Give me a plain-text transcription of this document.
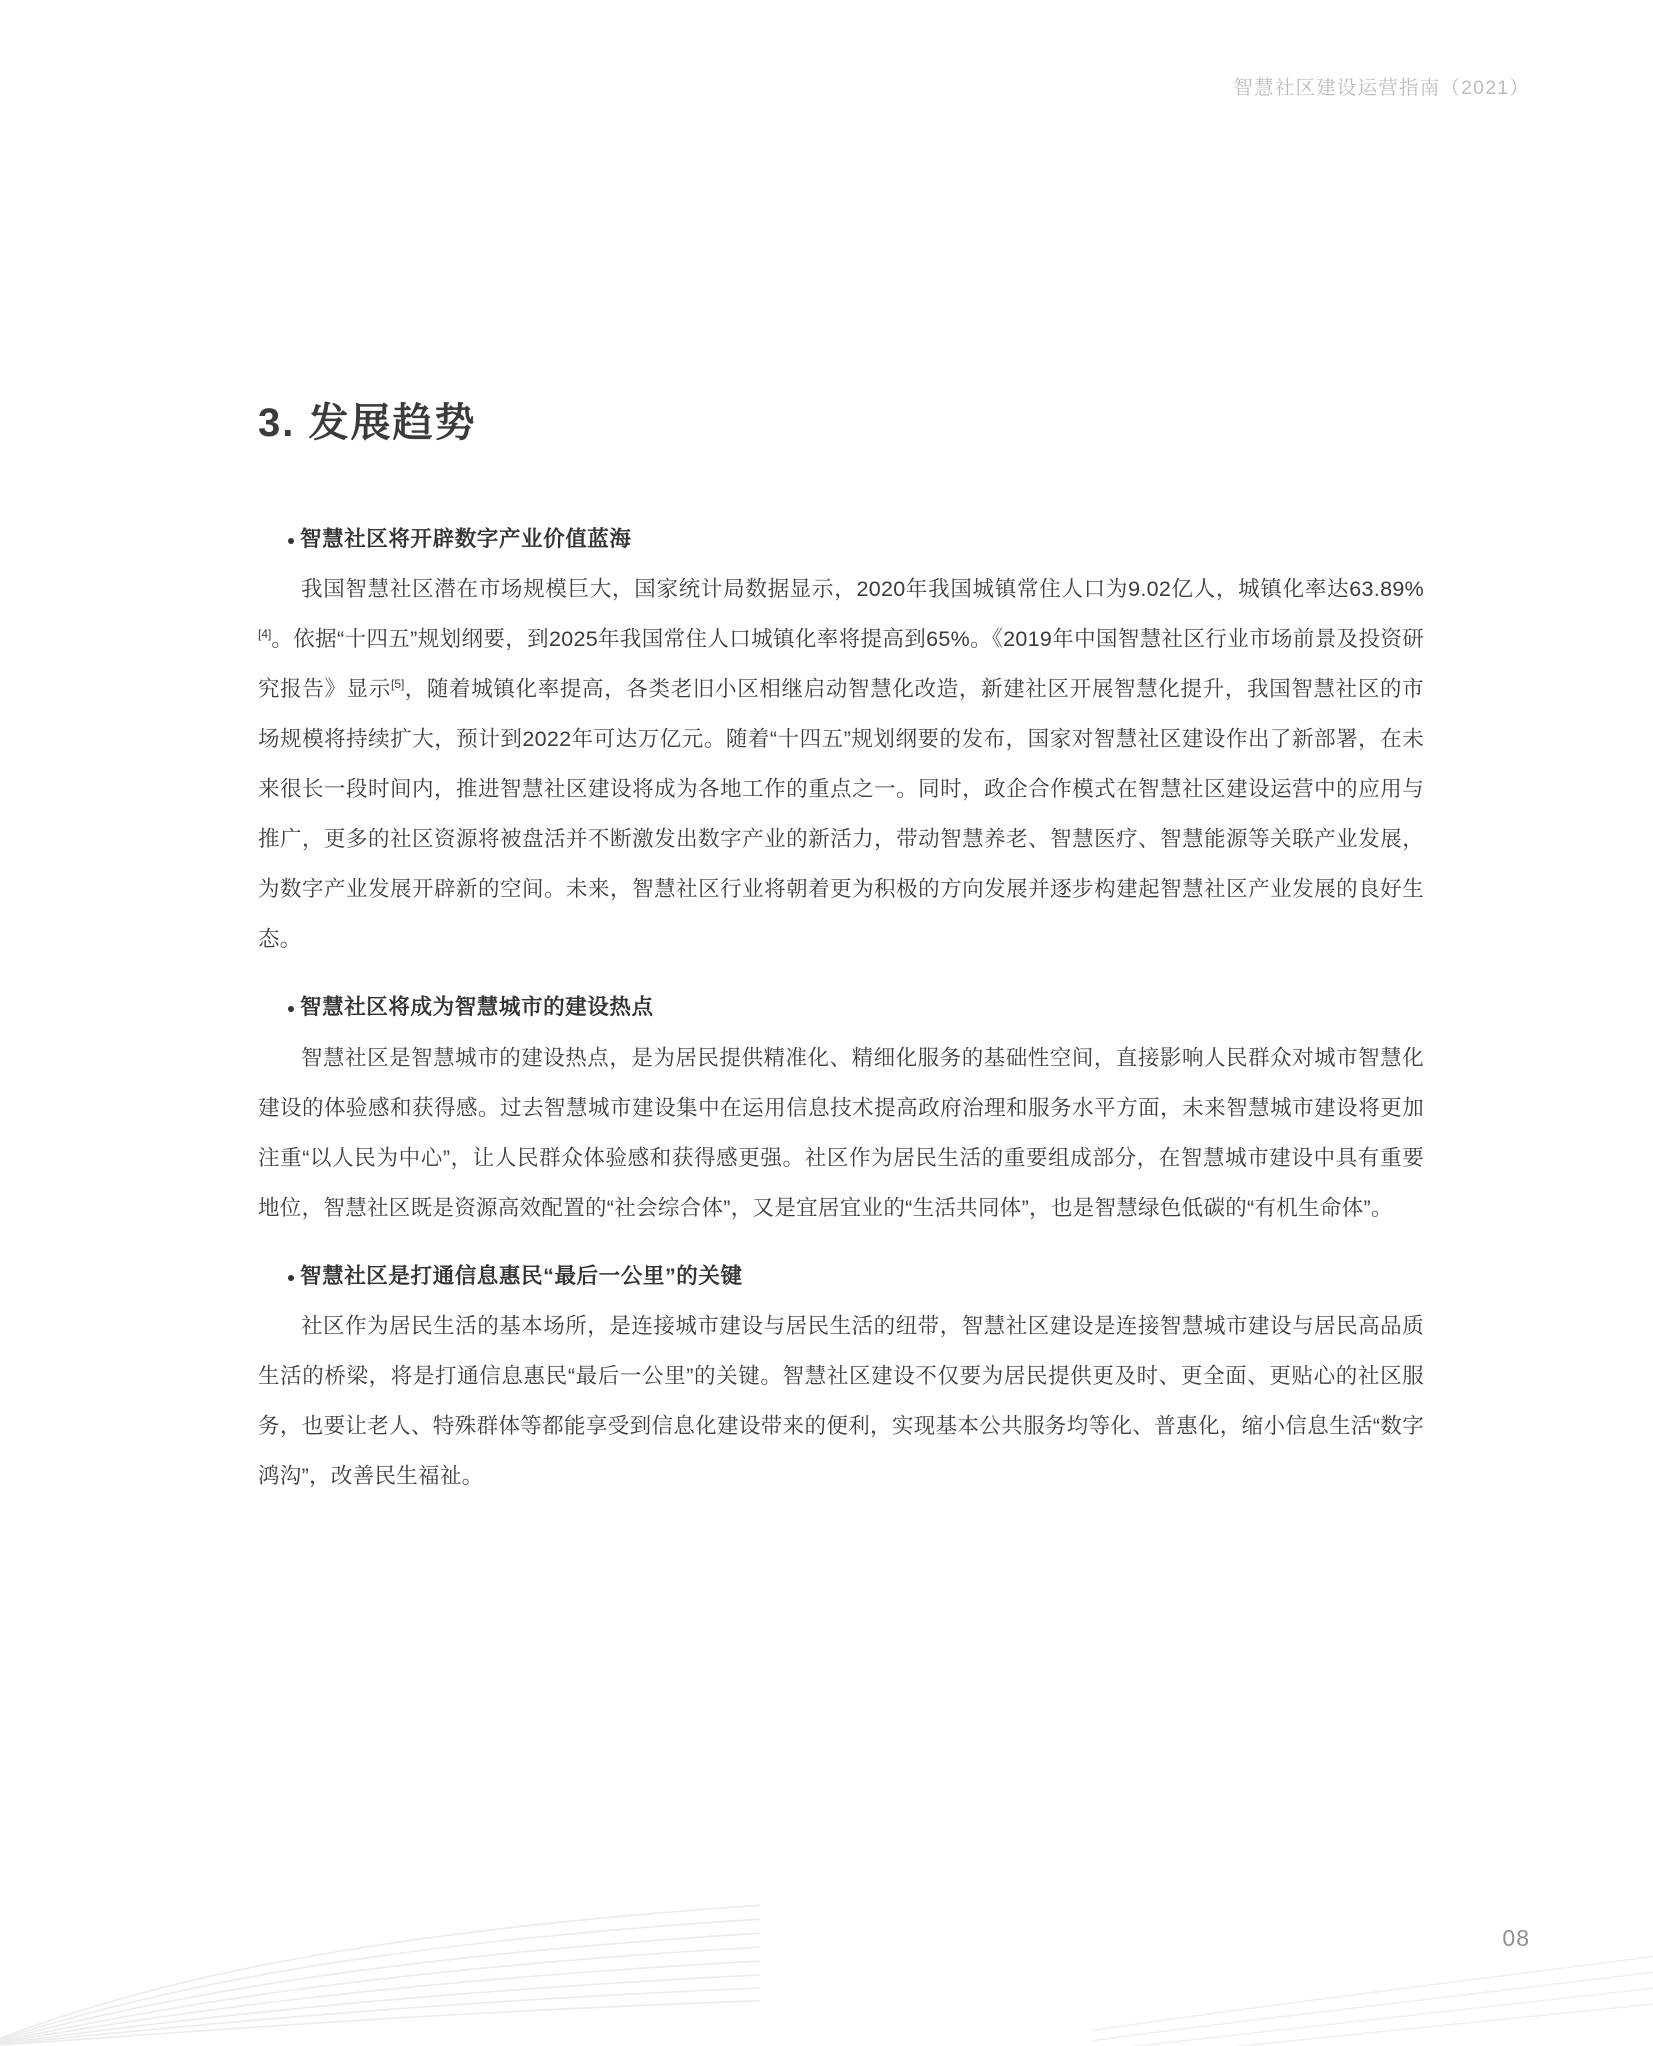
智慧社区建设运营指南（2021）
3. 发展趋势
智慧社区将开辟数字产业价值蓝海

我国智慧社区潜在市场规模巨大，国家统计局数据显示，2020年我国城镇常住人口为9.02亿人，城镇化率达63.89%[4]。依据“十四五”规划纲要，到2025年我国常住人口城镇化率将提高到65%。《2019年中国智慧社区行业市场前景及投资研究报告》显示[5]，随着城镇化率提高，各类老旧小区相继启动智慧化改造，新建社区开展智慧化提升，我国智慧社区的市场规模将持续扩大，预计到2022年可达万亿元。随着“十四五”规划纲要的发布，国家对智慧社区建设作出了新部署，在未来很长一段时间内，推进智慧社区建设将成为各地工作的重点之一。同时，政企合作模式在智慧社区建设运营中的应用与推广，更多的社区资源将被盘活并不断激发出数字产业的新活力，带动智慧养老、智慧医疗、智慧能源等关联产业发展，为数字产业发展开辟新的空间。未来，智慧社区行业将朝着更为积极的方向发展并逐步构建起智慧社区产业发展的良好生态。

智慧社区将成为智慧城市的建设热点

智慧社区是智慧城市的建设热点，是为居民提供精准化、精细化服务的基础性空间，直接影响人民群众对城市智慧化建设的体验感和获得感。过去智慧城市建设集中在运用信息技术提高政府治理和服务水平方面，未来智慧城市建设将更加注重“以人民为中心”，让人民群众体验感和获得感更强。社区作为居民生活的重要组成部分，在智慧城市建设中具有重要地位，智慧社区既是资源高效配置的“社会综合体”，又是宜居宜业的“生活共同体”，也是智慧绿色低碳的“有机生命体”。

智慧社区是打通信息惠民“最后一公里”的关键

社区作为居民生活的基本场所，是连接城市建设与居民生活的纽带，智慧社区建设是连接智慧城市建设与居民高品质生活的桥梁，将是打通信息惠民“最后一公里”的关键。智慧社区建设不仅要为居民提供更及时、更全面、更贴心的社区服务，也要让老人、特殊群体等都能享受到信息化建设带来的便利，实现基本公共服务均等化、普惠化，缩小信息生活“数字鸿沟”，改善民生福祉。

08
